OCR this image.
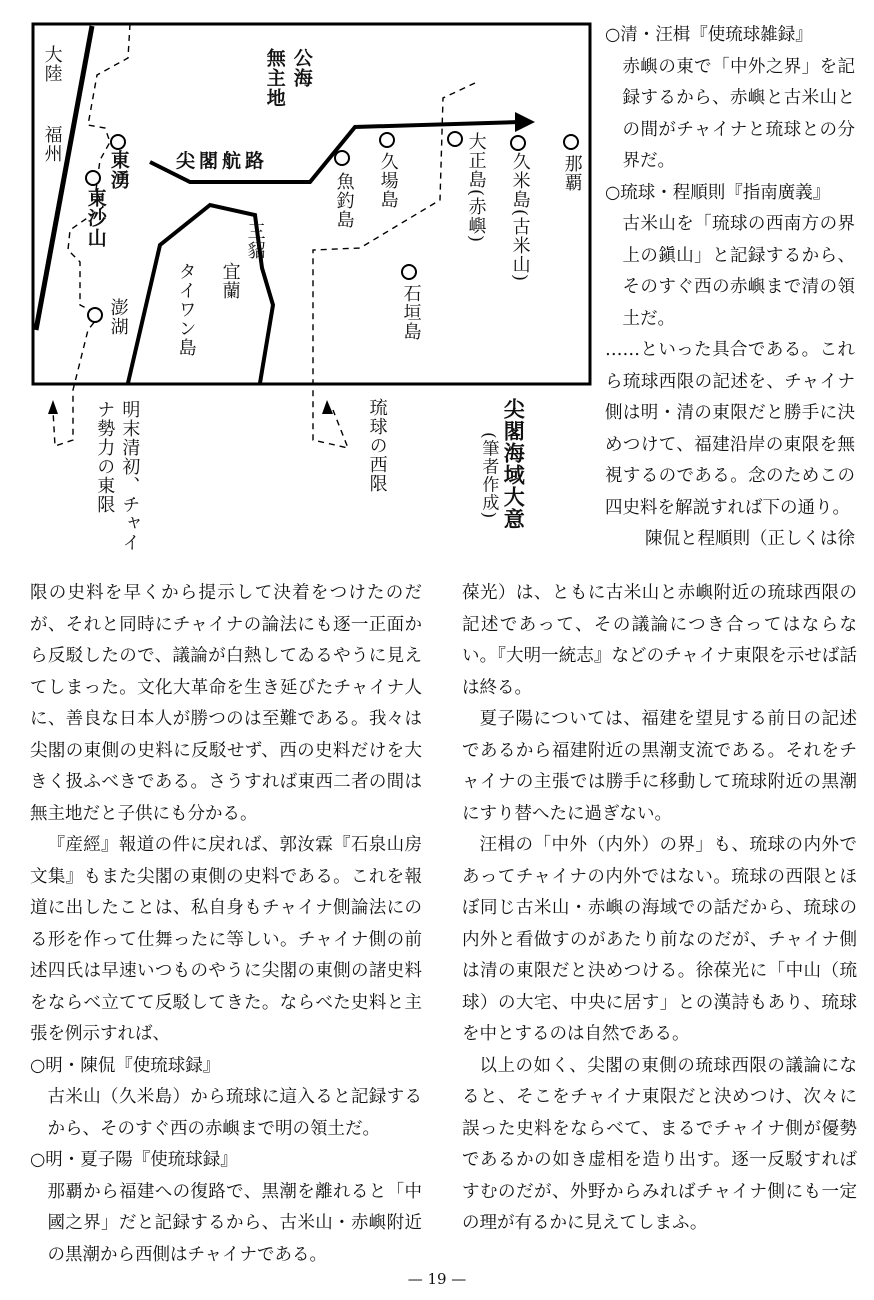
大陸
福州
公海
無主地
尖閣航路
東湧
東沙山
澎湖	タイワン島 宜蘭
三貂
魚釣島 久場島	大正島(赤嶼) 久米島(古米山) 那覇
石垣島
明末清初、チャイナ勢力の東限	琉球の西限	尖閣海域大意
(筆者作成)

○清・汪楫『使琉球雑録』

赤嶼の東で「中外之界」を記録するから、赤嶼と古米山との間がチャイナと琉球との分界だ。

○琉球・程順則『指南廣義』

古米山を「琉球の西南方の界上の鎭山」と記録するから、そのすぐ西の赤嶼まで清の領土だ。

……といった具合である。これら琉球西限の記述を、チャイナ側は明・清の東限だと勝手に決めつけて、福建沿岸の東限を無視するのである。念のためこの四史料を解説すれば下の通り。

陳侃と程順則（正しくは徐

限の史料を早くから提示して決着をつけたのだが、それと同時にチャイナの論法にも逐一正面から反駁したので、議論が白熱してゐるやうに見えてしまった。文化大革命を生き延びたチャイナ人に、善良な日本人が勝つのは至難である。我々は尖閣の東側の史料に反駁せず、西の史料だけを大きく扱ふべきである。さうすれば東西二者の間は無主地だと子供にも分かる。

『産經』報道の件に戻れば、郭汝霖『石泉山房文集』もまた尖閣の東側の史料である。これを報道に出したことは、私自身もチャイナ側論法にのる形を作って仕舞ったに等しい。チャイナ側の前述四氏は早速いつものやうに尖閣の東側の諸史料をならべ立てて反駁してきた。ならべた史料と主張を例示すれば、

○明・陳侃『使琉球録』

古米山（久米島）から琉球に這入ると記録するから、そのすぐ西の赤嶼まで明の領土だ。

○明・夏子陽『使琉球録』

那覇から福建への復路で、黒潮を離れると「中國之界」だと記録するから、古米山・赤嶼附近の黒潮から西側はチャイナである。

葆光）は、ともに古米山と赤嶼附近の琉球西限の記述であって、その議論につき合ってはならない。『大明一統志』などのチャイナ東限を示せば話は終る。

夏子陽については、福建を望見する前日の記述であるから福建附近の黒潮支流である。それをチャイナの主張では勝手に移動して琉球附近の黒潮にすり替へたに過ぎない。

汪楫の「中外（内外）の界」も、琉球の内外であってチャイナの内外ではない。琉球の西限とほぼ同じ古米山・赤嶼の海域での話だから、琉球の内外と看做すのがあたり前なのだが、チャイナ側は清の東限だと決めつける。徐葆光に「中山（琉球）の大宅、中央に居す」との漢詩もあり、琉球を中とするのは自然である。

以上の如く、尖閣の東側の琉球西限の議論になると、そこをチャイナ東限だと決めつけ、次々に誤った史料をならべて、まるでチャイナ側が優勢であるかの如き虚相を造り出す。逐一反駁すればすむのだが、外野からみればチャイナ側にも一定の理が有るかに見えてしまふ。

— 19 —
